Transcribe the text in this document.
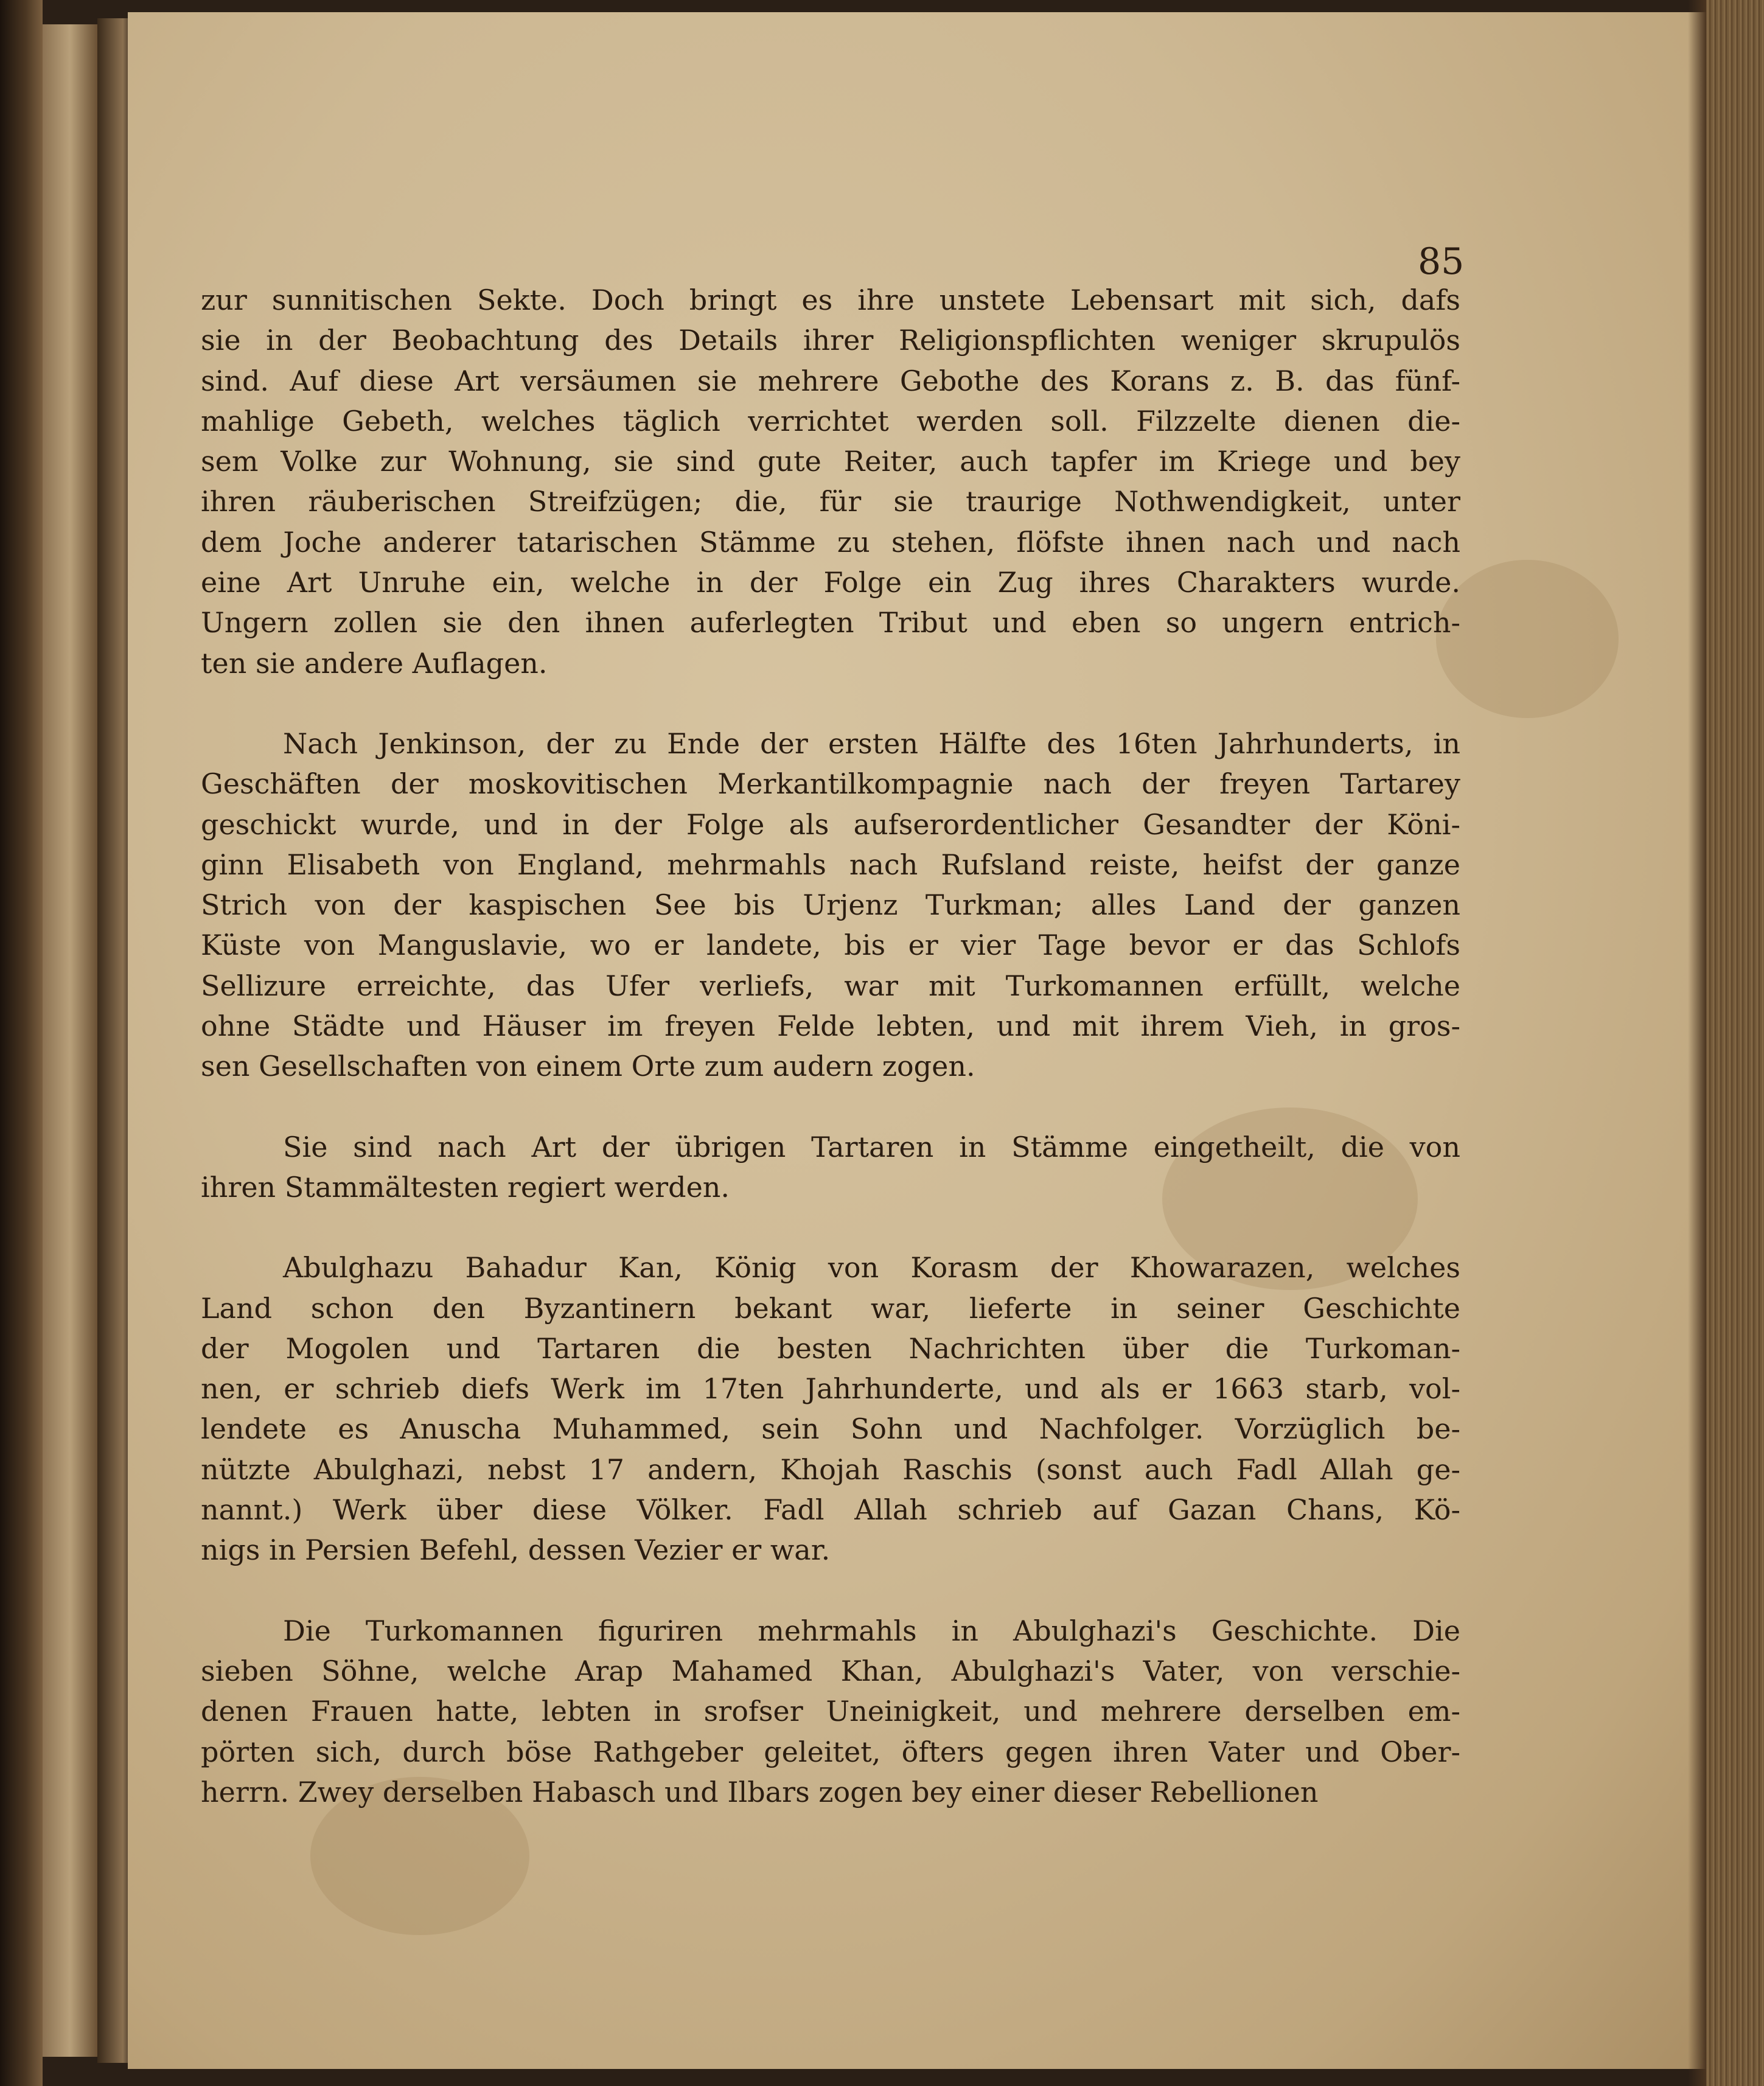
85

zur sunnitischen Sekte. Doch bringt es ihre unstete Lebensart mit sich, dafs
sie in der Beobachtung des Details ihrer Religionspflichten weniger skrupulös
sind. Auf diese Art versäumen sie mehrere Gebothe des Korans z. B. das fünf-
mahlige Gebeth, welches täglich verrichtet werden soll. Filzzelte dienen die-
sem Volke zur Wohnung, sie sind gute Reiter, auch tapfer im Kriege und bey
ihren räuberischen Streifzügen; die, für sie traurige Nothwendigkeit, unter
dem Joche anderer tatarischen Stämme zu stehen, flöfste ihnen nach und nach
eine Art Unruhe ein, welche in der Folge ein Zug ihres Charakters wurde.
Ungern zollen sie den ihnen auferlegten Tribut und eben so ungern entrich-
ten sie andere Auflagen.
Nach Jenkinson, der zu Ende der ersten Hälfte des 16ten Jahrhunderts, in
Geschäften der moskovitischen Merkantilkompagnie nach der freyen Tartarey
geschickt wurde, und in der Folge als aufserordentlicher Gesandter der Köni-
ginn Elisabeth von England, mehrmahls nach Rufsland reiste, heifst der ganze
Strich von der kaspischen See bis Urjenz Turkman; alles Land der ganzen
Küste von Manguslavie, wo er landete, bis er vier Tage bevor er das Schlofs
Sellizure erreichte, das Ufer verliefs, war mit Turkomannen erfüllt, welche
ohne Städte und Häuser im freyen Felde lebten, und mit ihrem Vieh, in gros-
sen Gesellschaften von einem Orte zum audern zogen.
Sie sind nach Art der übrigen Tartaren in Stämme eingetheilt, die von
ihren Stammältesten regiert werden.
Abulghazu Bahadur Kan, König von Korasm der Khowarazen, welches
Land schon den Byzantinern bekant war, lieferte in seiner Geschichte
der Mogolen und Tartaren die besten Nachrichten über die Turkoman-
nen, er schrieb diefs Werk im 17ten Jahrhunderte, und als er 1663 starb, vol-
lendete es Anuscha Muhammed, sein Sohn und Nachfolger. Vorzüglich be-
nützte Abulghazi, nebst 17 andern, Khojah Raschis (sonst auch Fadl Allah ge-
nannt.) Werk über diese Völker. Fadl Allah schrieb auf Gazan Chans, Kö-
nigs in Persien Befehl, dessen Vezier er war.
Die Turkomannen figuriren mehrmahls in Abulghazi's Geschichte. Die
sieben Söhne, welche Arap Mahamed Khan, Abulghazi's Vater, von verschie-
denen Frauen hatte, lebten in srofser Uneinigkeit, und mehrere derselben em-
pörten sich, durch böse Rathgeber geleitet, öfters gegen ihren Vater und Ober-
herrn. Zwey derselben Habasch und Ilbars zogen bey einer dieser Rebellionen
